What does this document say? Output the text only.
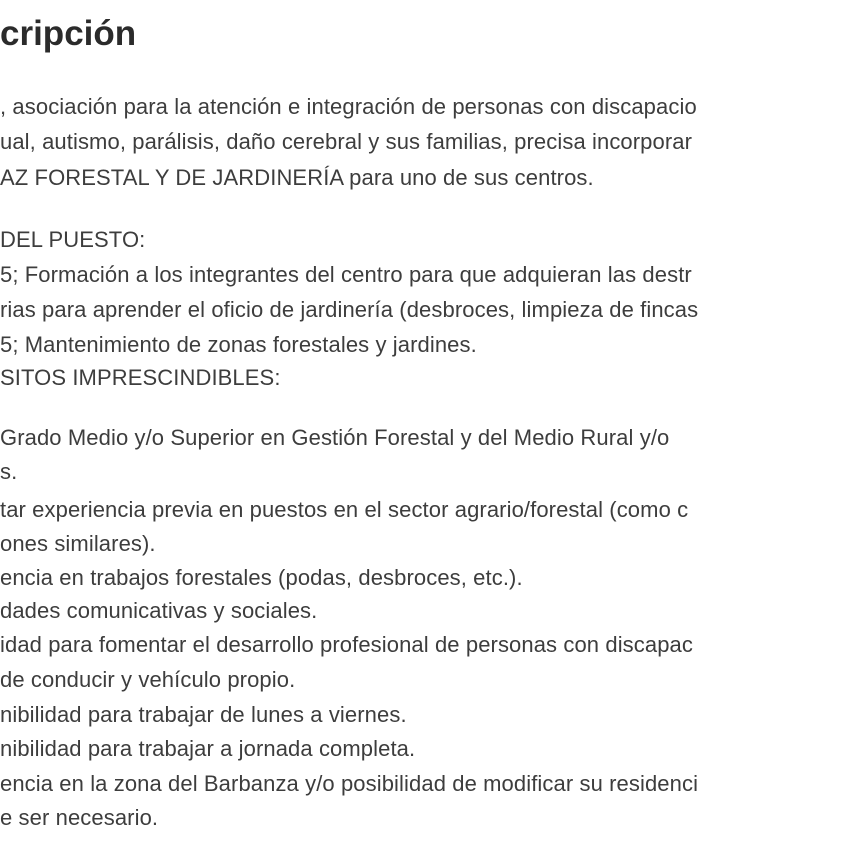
cripción
, asociación para la atención e integración de personas con discapacio
ual, autismo, parálisis, daño cerebral y sus familias, precisa incorporar
AZ FORESTAL Y DE JARDINERÍA para uno de sus centros.
DEL PUESTO:
5; Formación a los integrantes del centro para que adquieran las destr
rias para aprender el oficio de jardinería (desbroces, limpieza de fincas
5; Mantenimiento de zonas forestales y jardines.
SITOS IMPRESCINDIBLES:
Grado Medio y/o Superior en Gestión Forestal y del Medio Rural y/o
s.
tar experiencia previa en puestos en el sector agrario/forestal (como c
ones similares).
encia en trabajos forestales (podas, desbroces, etc.).
dades comunicativas y sociales.
idad para fomentar el desarrollo profesional de personas con discapac
de conducir y vehículo propio.
nibilidad para trabajar de lunes a viernes.
nibilidad para trabajar a jornada completa.
encia en la zona del Barbanza y/o posibilidad de modificar su residenci
e ser necesario.
